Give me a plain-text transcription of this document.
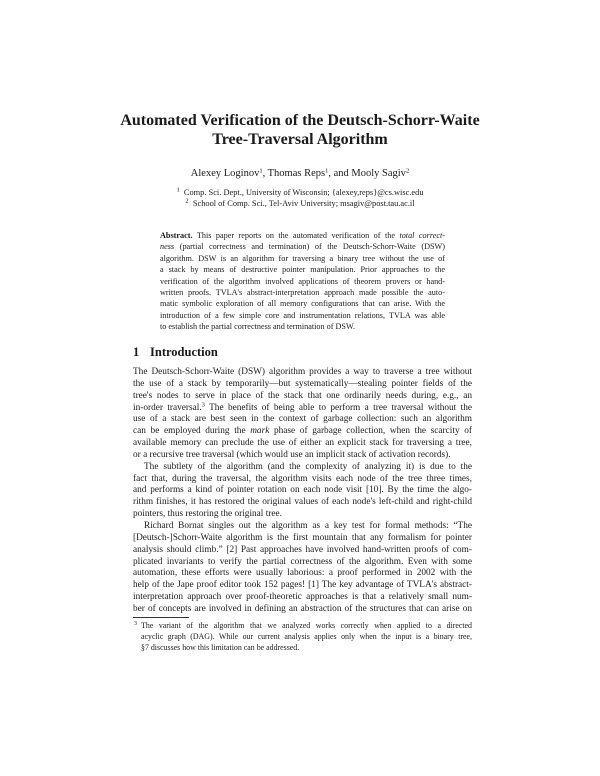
Automated Verification of the Deutsch-Schorr-Waite
Tree-Traversal Algorithm
Alexey Loginov$^1$, Thomas Reps$^1$, and Mooly Sagiv$^2$
$^1$ Comp. Sci. Dept., University of Wisconsin; {alexey,reps}@cs.wisc.edu
$^2$ School of Comp. Sci., Tel-Aviv University; msagiv@post.tau.ac.il
Abstract. This paper reports on the automated verification of the total correct-
ness (partial correctness and termination) of the Deutsch-Schorr-Waite (DSW)
algorithm. DSW is an algorithm for traversing a binary tree without the use of
a stack by means of destructive pointer manipulation. Prior approaches to the
verification of the algorithm involved applications of theorem provers or hand-
written proofs. TVLA's abstract-interpretation approach made possible the auto-
matic symbolic exploration of all memory configurations that can arise. With the
introduction of a few simple core and instrumentation relations, TVLA was able
to establish the partial correctness and termination of DSW.
1 Introduction
The Deutsch-Schorr-Waite (DSW) algorithm provides a way to traverse a tree without
the use of a stack by temporarily—but systematically—stealing pointer fields of the
tree's nodes to serve in place of the stack that one ordinarily needs during, e.g., an
in-order traversal.$^3$ The benefits of being able to perform a tree traversal without the
use of a stack are best seen in the context of garbage collection: such an algorithm
can be employed during the mark phase of garbage collection, when the scarcity of
available memory can preclude the use of either an explicit stack for traversing a tree,
or a recursive tree traversal (which would use an implicit stack of activation records).
The subtlety of the algorithm (and the complexity of analyzing it) is due to the
fact that, during the traversal, the algorithm visits each node of the tree three times,
and performs a kind of pointer rotation on each node visit [10]. By the time the algo-
rithm finishes, it has restored the original values of each node's left-child and right-child
pointers, thus restoring the original tree.
Richard Bornat singles out the algorithm as a key test for formal methods: “The
[Deutsch-]Schorr-Waite algorithm is the first mountain that any formalism for pointer
analysis should climb.” [2] Past approaches have involved hand-written proofs of com-
plicated invariants to verify the partial correctness of the algorithm. Even with some
automation, these efforts were usually laborious: a proof performed in 2002 with the
help of the Jape proof editor took 152 pages! [1] The key advantage of TVLA's abstract-
interpretation approach over proof-theoretic approaches is that a relatively small num-
ber of concepts are involved in defining an abstraction of the structures that can arise on
3 The variant of the algorithm that we analyzed works correctly when applied to a directed
acyclic graph (DAG). While our current analysis applies only when the input is a binary tree,
§7 discusses how this limitation can be addressed.
